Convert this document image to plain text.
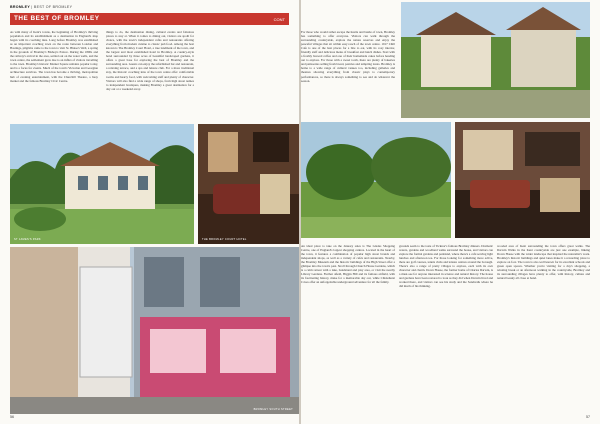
BROMLEY | BEST OF BROMLEY
THE BEST OF BROMLEY	CONT
As with many of Kent's towns, the beginning of Bromley's thriving population and its establishment as a destination in England's map began with its coaching inns. Long before Bromley was established as an important coaching town on the route between London and Hastings, pilgrims came to the town to visit St. Blaise's Well, a spring in the grounds of Bromley's Bishop's Palace. During the 1800s and the railway's arrival in the area, settled out on the water wells, and the town centre, the settlement grew due to an influx of visitors travelling to the town. Bromley's historic Market Square remains popular today, and is a focus for events. Much of the town's Victorian and Georgian architecture survives. The town has become a thriving, metropolitan hub of evening entertainment, with the Churchill Theatre, a busy market and the famous Bromley Civic Centre.
things to do, the destination dining, cultural events and fabulous places to stay at. When it comes to dining out, visitors are spoilt for choice, with the town's independent cafés and restaurants offering everything from modern cuisine to classic pub food. Among the best known is The Bromley Court Hotel, a true landmark of the town, and the largest and most established hotel in Bromley. A country-style hotel surrounded by three acres of beautiful landscaped gardens, it offers a great base for exploring the best of Bromley and the surrounding area. Guests can enjoy the refurbished bar and restaurant, a relaxing terrace, and a spa and leisure club. For a more traditional stay, the historic coaching inns of the town centre offer comfortable rooms and hearty food, with welcoming staff and plenty of character. Visitors will also find a wide range of shops, from high street names to independent boutiques, making Bromley a great destination for a day out or a weekend away.
ST JAMES'S PARK	THE BROMLEY COURT HOTEL
BROMLEY SOUTH STREET
56
For those who would rather escape the hustle and bustle of town, Bromley has something to offer everyone. Visitors can walk through the surrounding countryside, explore the nature reserves and enjoy the peaceful villages that sit within easy reach of the town centre. 1917 Chill Cafe is one of the best places for a bite to eat, with its cosy interior, friendly staff and delicious menu of breakfast and lunch dishes. Start with a freshly brewed coffee and one of their homemade cakes before heading out to explore. For those with a sweet tooth, there are plenty of bakeries and patisseries selling fresh bread, pastries and tempting treats. Bromley is home to a wide range of cultural venues too, including galleries and theatres showing everything from classic plays to contemporary performances, so there is always something to see and do whatever the season.
An ideal place to take on the January sales is The Glades Shopping Centre, one of England's largest shopping centres. Located in the heart of the town, it features a combination of popular high street brands and independent shops, as well as a variety of cafés and restaurants. Nearby, the Bromley Museum and the historic buildings of the High Street offer a glimpse into the town's past. Stroll through Church House Gardens, which is a calm retreat with a lake, bandstand and play area, or visit the nearby Library Gardens. Further afield, Biggin Hill and its famous airfield, with its fascinating history, make for a memorable day out, while Chislehurst Caves offer an unforgettable underground adventure for all the family.
grounds seem to the taste of Ticknor's famous Bromley dinners. Dramatic waters, gardens and woodland walks surround the house, and visitors can explore the formal gardens and parkland, where there's a café serving light lunches and afternoon tea. For those looking for something more active, there are golf courses, tennis clubs and leisure centres around the borough. There's also a range of pretty villages to explore, each with its own character and charm. Down House, the former home of Charles Darwin, is a must-see for anyone interested in science and natural history. The house and gardens have been restored to look as they did when Darwin lived and worked there, and visitors can see his study and the Sandwalk where he did much of his thinking.
wooded area of Kent surrounding the town offers great walks. The Darwin Walks in the Kent countryside are just one example, linking Down House with the wider landscape that inspired the naturalist's work. Bromley's historic buildings and quiet lanes make it a rewarding place to explore on foot. The town is also well known for its excellent schools and green open spaces. Whether you're visiting for a day's shopping, a relaxing break or an afternoon walking in the countryside, Bromley and its surrounding villages have plenty to offer, with history, culture and natural beauty all close at hand.
57
